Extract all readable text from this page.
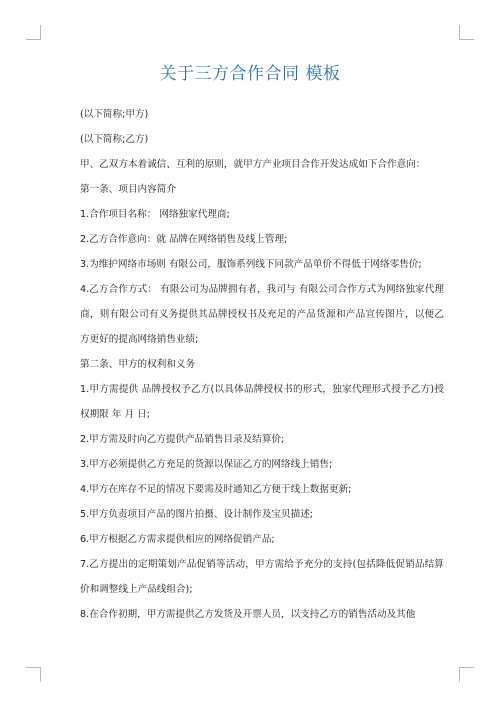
关于三方合作合同 模板

(以下简称;甲方)

(以下简称;乙方)

甲、乙双方本着诚信、互利的原则，就甲方产业项目合作开发达成如下合作意向：

第一条、项目内容简介

1.合作项目名称： 网络独家代理商;

2.乙方合作意向：就 品牌在网络销售及线上管理;

3.为维护网络市场则 有限公司，服饰系列线下同款产品单价不得低于网络零售价;

4.乙方合作方式： 有限公司为品牌拥有者，我司与 有限公司合作方式为网络独家代理商，则有限公司有义务提供其品牌授权书及充足的产品货源和产品宣传图片，以便乙方更好的提高网络销售业绩;

第二条、甲方的权利和义务

1.甲方需提供 品牌授权予乙方(以具体品牌授权书的形式，独家代理形式授予乙方)授权期限 年 月 日;

2.甲方需及时向乙方提供产品销售目录及结算价;

3.甲方必须提供乙方充足的货源以保证乙方的网络线上销售;

4.甲方在库存不足的情况下要需及时通知乙方便于线上数据更新;

5.甲方负责项目产品的图片拍摄、设计制作及宝贝描述;

6.甲方根据乙方需求提供相应的网络促销产品;

7.乙方提出的定期策划产品促销等活动，甲方需给予充分的支持(包括降低促销品结算价和调整线上产品线组合);

8.在合作初期，甲方需提供乙方发货及开票人员，以支持乙方的销售活动及其他
